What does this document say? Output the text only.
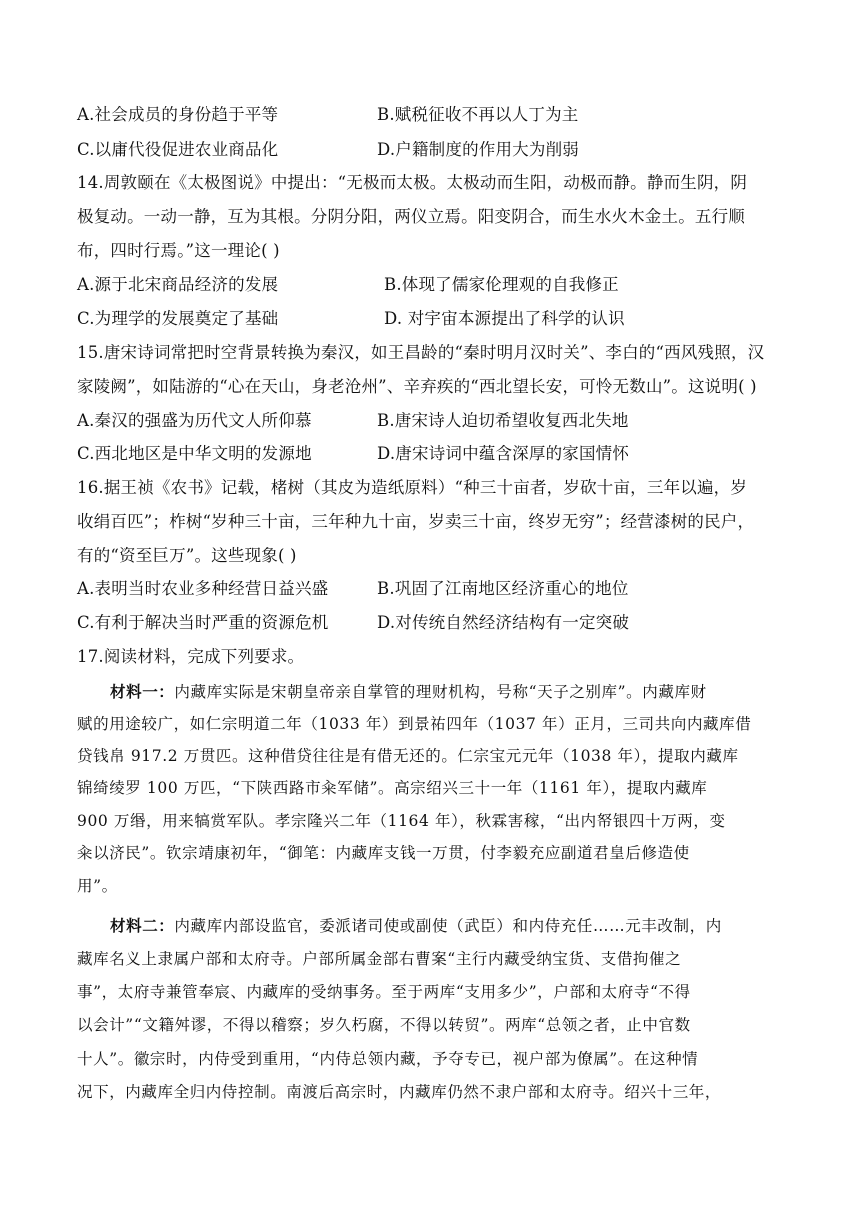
A.社会成员的身份趋于平等	B.赋税征收不再以人丁为主
C.以庸代役促进农业商品化	D.户籍制度的作用大为削弱
14.周敦颐在《太极图说》中提出：“无极而太极。太极动而生阳，动极而静。静而生阴，阴
极复动。一动一静，互为其根。分阴分阳，两仪立焉。阳变阴合，而生水火木金土。五行顺
布，四时行焉。”这一理论( )
A.源于北宋商品经济的发展	B.体现了儒家伦理观的自我修正
C.为理学的发展奠定了基础	D. 对宇宙本源提出了科学的认识
15.唐宋诗词常把时空背景转换为秦汉，如王昌龄的“秦时明月汉时关”、李白的“西风残照，汉
家陵阙”，如陆游的“心在天山，身老沧州”、辛弃疾的“西北望长安，可怜无数山”。这说明( )
A.秦汉的强盛为历代文人所仰慕	B.唐宋诗人迫切希望收复西北失地
C.西北地区是中华文明的发源地	D.唐宋诗词中蕴含深厚的家国情怀
16.据王祯《农书》记载，楮树（其皮为造纸原料）“种三十亩者，岁砍十亩，三年以遍，岁
收绢百匹”；柞树“岁种三十亩，三年种九十亩，岁卖三十亩，终岁无穷”；经营漆树的民户，
有的“资至巨万”。这些现象( )
A.表明当时农业多种经营日益兴盛	B.巩固了江南地区经济重心的地位
C.有利于解决当时严重的资源危机	D.对传统自然经济结构有一定突破
17.阅读材料，完成下列要求。
材料一：内藏库实际是宋朝皇帝亲自掌管的理财机构，号称“天子之别库”。内藏库财
赋的用途较广，如仁宗明道二年（1033 年）到景祐四年（1037 年）正月，三司共向内藏库借
贷钱帛 917.2 万贯匹。这种借贷往往是有借无还的。仁宗宝元元年（1038 年），提取内藏库
锦绮绫罗 100 万匹，“下陕西路市籴军储”。高宗绍兴三十一年（1161 年），提取内藏库
900 万缗，用来犒赏军队。孝宗隆兴二年（1164 年），秋霖害稼，“出内帑银四十万两，变
籴以济民”。钦宗靖康初年，“御笔：内藏库支钱一万贯，付李毅充应副道君皇后修造使
用”。
材料二：内藏库内部设监官，委派诸司使或副使（武臣）和内侍充任……元丰改制，内
藏库名义上隶属户部和太府寺。户部所属金部右曹案“主行内藏受纳宝货、支借拘催之
事”，太府寺兼管奉宸、内藏库的受纳事务。至于两库“支用多少”，户部和太府寺“不得
以会计”“文籍舛谬，不得以稽察；岁久朽腐，不得以转贸”。两库“总领之者，止中官数
十人”。徽宗时，内侍受到重用，“内侍总领内藏，予夺专已，视户部为僚属”。在这种情
况下，内藏库全归内侍控制。南渡后高宗时，内藏库仍然不隶户部和太府寺。绍兴十三年，
